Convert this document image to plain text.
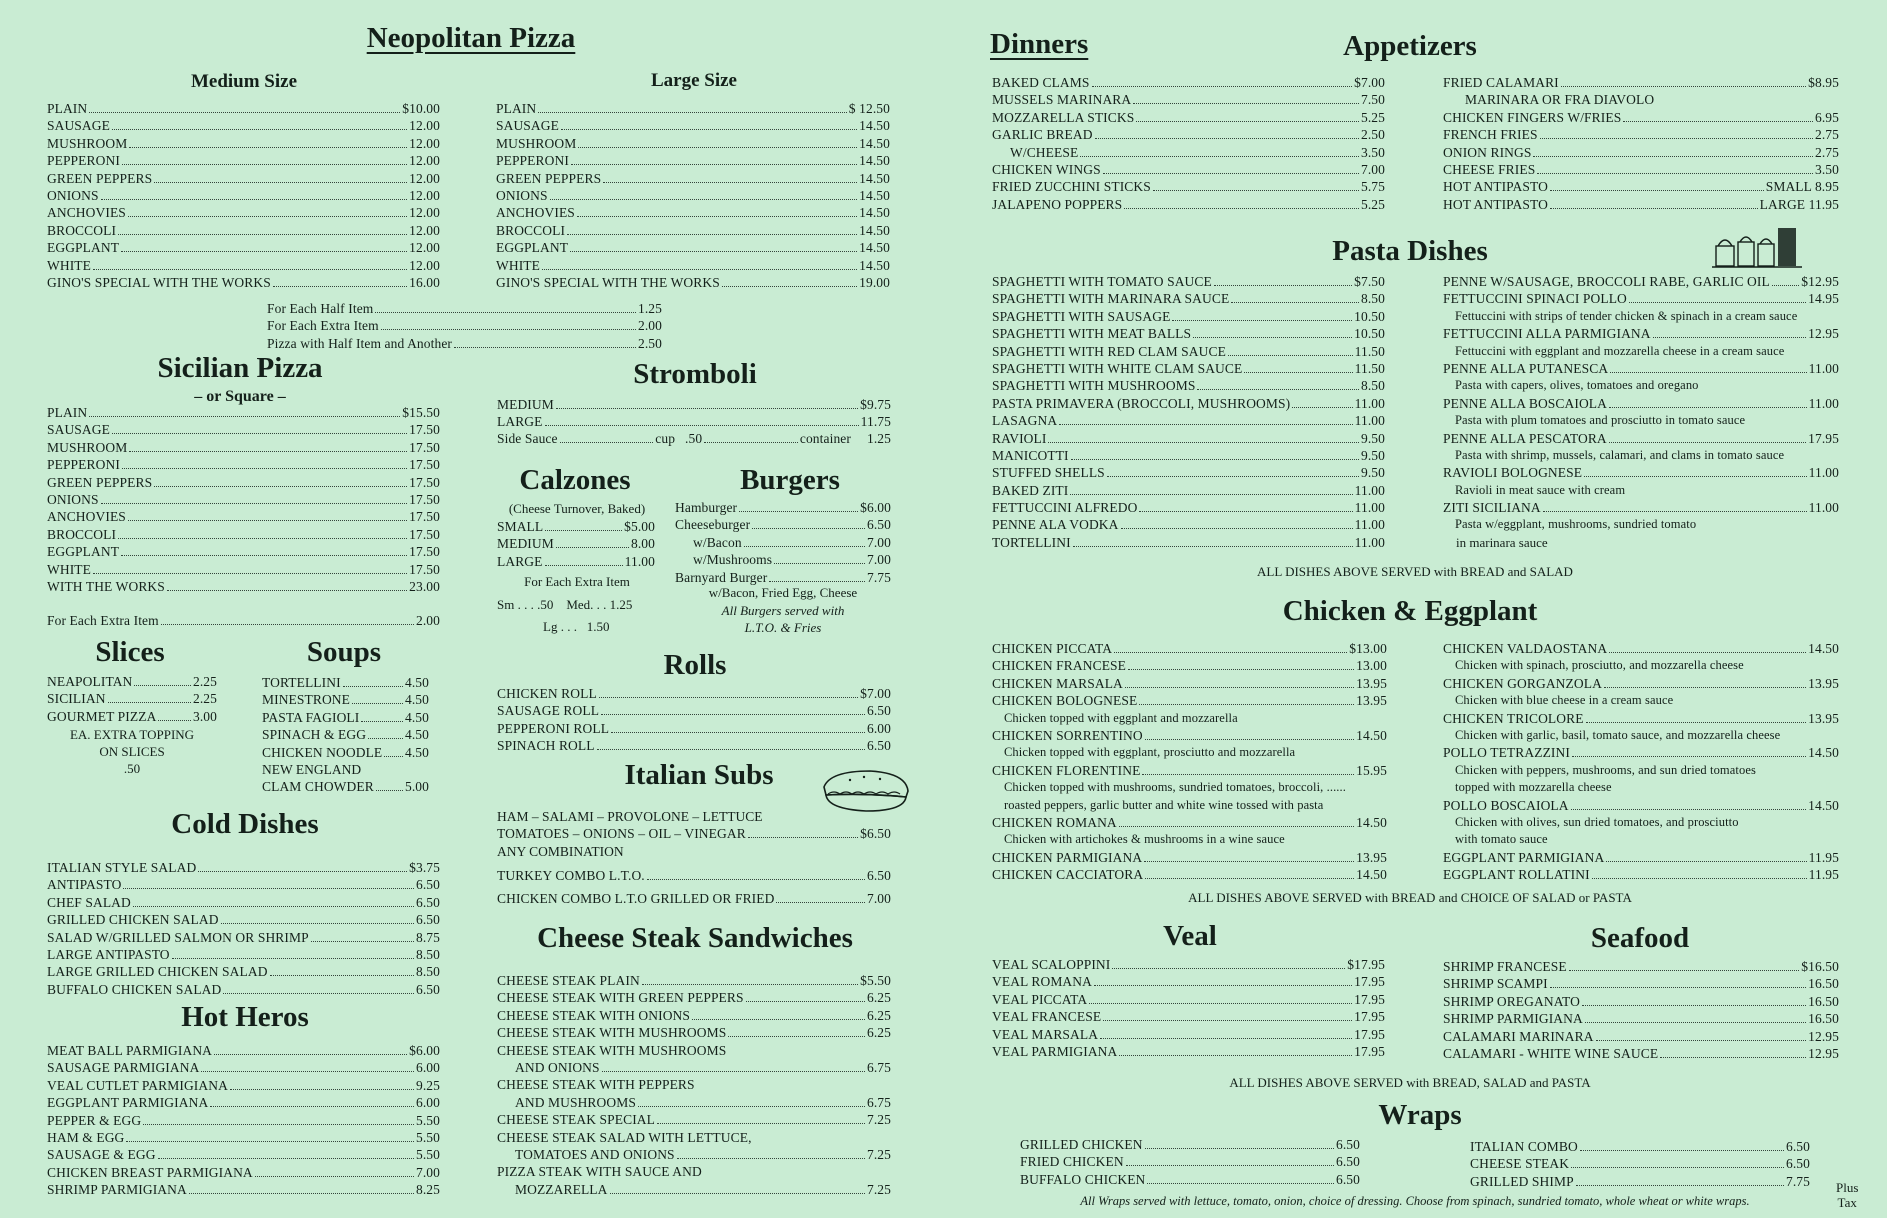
Neopolitan Pizza
Medium Size	Large Size
PLAIN	$10.00
SAUSAGE	12.00
MUSHROOM	12.00
PEPPERONI	12.00
GREEN PEPPERS	12.00
ONIONS	12.00
ANCHOVIES	12.00
BROCCOLI	12.00
EGGPLANT	12.00
WHITE	12.00
GINO'S SPECIAL WITH THE WORKS	16.00
PLAIN	$ 12.50
SAUSAGE	14.50
MUSHROOM	14.50
PEPPERONI	14.50
GREEN PEPPERS	14.50
ONIONS	14.50
ANCHOVIES	14.50
BROCCOLI	14.50
EGGPLANT	14.50
WHITE	14.50
GINO'S SPECIAL WITH THE WORKS	19.00
For Each Half Item	1.25
For Each Extra Item	2.00
Pizza with Half Item and Another	2.50
Sicilian Pizza
– or Square –
PLAIN	$15.50
SAUSAGE	17.50
MUSHROOM	17.50
PEPPERONI	17.50
GREEN PEPPERS	17.50
ONIONS	17.50
ANCHOVIES	17.50
BROCCOLI	17.50
EGGPLANT	17.50
WHITE	17.50
WITH THE WORKS	23.00
For Each Extra Item	2.00
Slices
NEAPOLITAN	2.25
SICILIAN	2.25
GOURMET PIZZA	3.00
EA. EXTRA TOPPING
ON SLICES
.50
Soups
TORTELLINI	4.50
MINESTRONE	4.50
PASTA FAGIOLI	4.50
SPINACH & EGG	4.50
CHICKEN NOODLE 4.50
NEW ENGLAND
CLAM CHOWDER 5.00
Cold Dishes
ITALIAN STYLE SALAD	$3.75
ANTIPASTO	6.50
CHEF SALAD	6.50
GRILLED CHICKEN SALAD	6.50
SALAD W/GRILLED SALMON OR SHRIMP	8.75
LARGE ANTIPASTO	8.50
LARGE GRILLED CHICKEN SALAD	8.50
BUFFALO CHICKEN SALAD	6.50
Hot Heros
MEAT BALL PARMIGIANA	$6.00
SAUSAGE PARMIGIANA	6.00
VEAL CUTLET PARMIGIANA	9.25
EGGPLANT PARMIGIANA	6.00
PEPPER & EGG	5.50
HAM & EGG	5.50
SAUSAGE & EGG	5.50
CHICKEN BREAST PARMIGIANA	7.00
SHRIMP PARMIGIANA	8.25
Stromboli
MEDIUM	$9.75
LARGE	11.75
Side Sauce	cup .50	container 1.25
Calzones
(Cheese Turnover, Baked)
SMALL	$5.00
MEDIUM	8.00
LARGE	11.00
For Each Extra Item
Sm . . . .50    Med. . . 1.25
Lg . . .   1.50
Burgers
Hamburger	$6.00
Cheeseburger	6.50
w/Bacon	7.00
w/Mushrooms	7.00
Barnyard Burger	7.75
w/Bacon, Fried Egg, Cheese
All Burgers served with
L.T.O. & Fries
Rolls
CHICKEN ROLL	$7.00
SAUSAGE ROLL	6.50
PEPPERONI ROLL	6.00
SPINACH ROLL	6.50
Italian Subs
HAM – SALAMI – PROVOLONE – LETTUCE
TOMATOES – ONIONS – OIL – VINEGAR	$6.50
ANY COMBINATION
TURKEY COMBO L.T.O.	6.50
CHICKEN COMBO L.T.O GRILLED OR FRIED	7.00
Cheese Steak Sandwiches
CHEESE STEAK PLAIN	$5.50
CHEESE STEAK WITH GREEN PEPPERS	6.25
CHEESE STEAK WITH ONIONS	6.25
CHEESE STEAK WITH MUSHROOMS	6.25
CHEESE STEAK WITH MUSHROOMS
AND ONIONS	6.75
CHEESE STEAK WITH PEPPERS
AND MUSHROOMS	6.75
CHEESE STEAK SPECIAL	7.25
CHEESE STEAK SALAD WITH LETTUCE,
TOMATOES AND ONIONS	7.25
PIZZA STEAK WITH SAUCE AND
MOZZARELLA	7.25
Dinners	Appetizers
BAKED CLAMS	$7.00
MUSSELS MARINARA	7.50
MOZZARELLA STICKS	5.25
GARLIC BREAD	2.50
W/CHEESE	3.50
CHICKEN WINGS	7.00
FRIED ZUCCHINI STICKS	5.75
JALAPENO POPPERS	5.25
FRIED CALAMARI	$8.95
MARINARA OR FRA DIAVOLO
CHICKEN FINGERS W/FRIES	6.95
FRENCH FRIES	2.75
ONION RINGS	2.75
CHEESE FRIES	3.50
HOT ANTIPASTO	SMALL 8.95
HOT ANTIPASTO	LARGE 11.95
Pasta Dishes
SPAGHETTI WITH TOMATO SAUCE	$7.50
SPAGHETTI WITH MARINARA SAUCE	8.50
SPAGHETTI WITH SAUSAGE	10.50
SPAGHETTI WITH MEAT BALLS	10.50
SPAGHETTI WITH RED CLAM SAUCE	11.50
SPAGHETTI WITH WHITE CLAM SAUCE	11.50
SPAGHETTI WITH MUSHROOMS	8.50
PASTA PRIMAVERA (BROCCOLI, MUSHROOMS)	11.00
LASAGNA	11.00
RAVIOLI	9.50
MANICOTTI	9.50
STUFFED SHELLS	9.50
BAKED ZITI	11.00
FETTUCCINI ALFREDO	11.00
PENNE ALA VODKA	11.00
TORTELLINI	11.00
PENNE W/SAUSAGE, BROCCOLI RABE, GARLIC OIL $12.95
FETTUCCINI SPINACI POLLO	14.95
Fettuccini with strips of tender chicken & spinach in a cream sauce
FETTUCCINI ALLA PARMIGIANA	12.95
Fettuccini with eggplant and mozzarella cheese in a cream sauce
PENNE ALLA PUTANESCA	11.00
Pasta with capers, olives, tomatoes and oregano
PENNE ALLA BOSCAIOLA	11.00
Pasta with plum tomatoes and prosciutto in tomato sauce
PENNE ALLA PESCATORA	17.95
Pasta with shrimp, mussels, calamari, and clams in tomato sauce
RAVIOLI BOLOGNESE	11.00
Ravioli in meat sauce with cream
ZITI SICILIANA	11.00
Pasta w/eggplant, mushrooms, sundried tomato
in marinara sauce
ALL DISHES ABOVE SERVED with BREAD and SALAD
Chicken & Eggplant
CHICKEN PICCATA	$13.00
CHICKEN FRANCESE	13.00
CHICKEN MARSALA	13.95
CHICKEN BOLOGNESE	13.95
Chicken topped with eggplant and mozzarella
CHICKEN SORRENTINO	14.50
Chicken topped with eggplant, prosciutto and mozzarella
CHICKEN FLORENTINE	15.95
Chicken topped with mushrooms, sundried tomatoes, broccoli, ......
roasted peppers, garlic butter and white wine tossed with pasta
CHICKEN ROMANA	14.50
Chicken with artichokes & mushrooms in a wine sauce
CHICKEN PARMIGIANA	13.95
CHICKEN CACCIATORA	14.50
CHICKEN VALDAOSTANA	14.50
Chicken with spinach, prosciutto, and mozzarella cheese
CHICKEN GORGANZOLA	13.95
Chicken with blue cheese in a cream sauce
CHICKEN TRICOLORE	13.95
Chicken with garlic, basil, tomato sauce, and mozzarella cheese
POLLO TETRAZZINI	14.50
Chicken with peppers, mushrooms, and sun dried tomatoes
topped with mozzarella cheese
POLLO BOSCAIOLA	14.50
Chicken with olives, sun dried tomatoes, and prosciutto
with tomato sauce
EGGPLANT PARMIGIANA	11.95
EGGPLANT ROLLATINI	11.95
ALL DISHES ABOVE SERVED with BREAD and CHOICE OF SALAD or PASTA
Veal
VEAL SCALOPPINI	$17.95
VEAL ROMANA	17.95
VEAL PICCATA	17.95
VEAL FRANCESE	17.95
VEAL MARSALA	17.95
VEAL PARMIGIANA	17.95
Seafood
SHRIMP FRANCESE	$16.50
SHRIMP SCAMPI	16.50
SHRIMP OREGANATO	16.50
SHRIMP PARMIGIANA	16.50
CALAMARI MARINARA	12.95
CALAMARI - WHITE WINE SAUCE	12.95
ALL DISHES ABOVE SERVED with BREAD, SALAD and PASTA
Wraps
GRILLED CHICKEN	6.50
FRIED CHICKEN	6.50
BUFFALO CHICKEN	6.50
ITALIAN COMBO	6.50
CHEESE STEAK	6.50
GRILLED SHIMP	7.75
All Wraps served with lettuce, tomato, onion, choice of dressing. Choose from spinach, sundried tomato, whole wheat or white wraps.
Plus
Tax
